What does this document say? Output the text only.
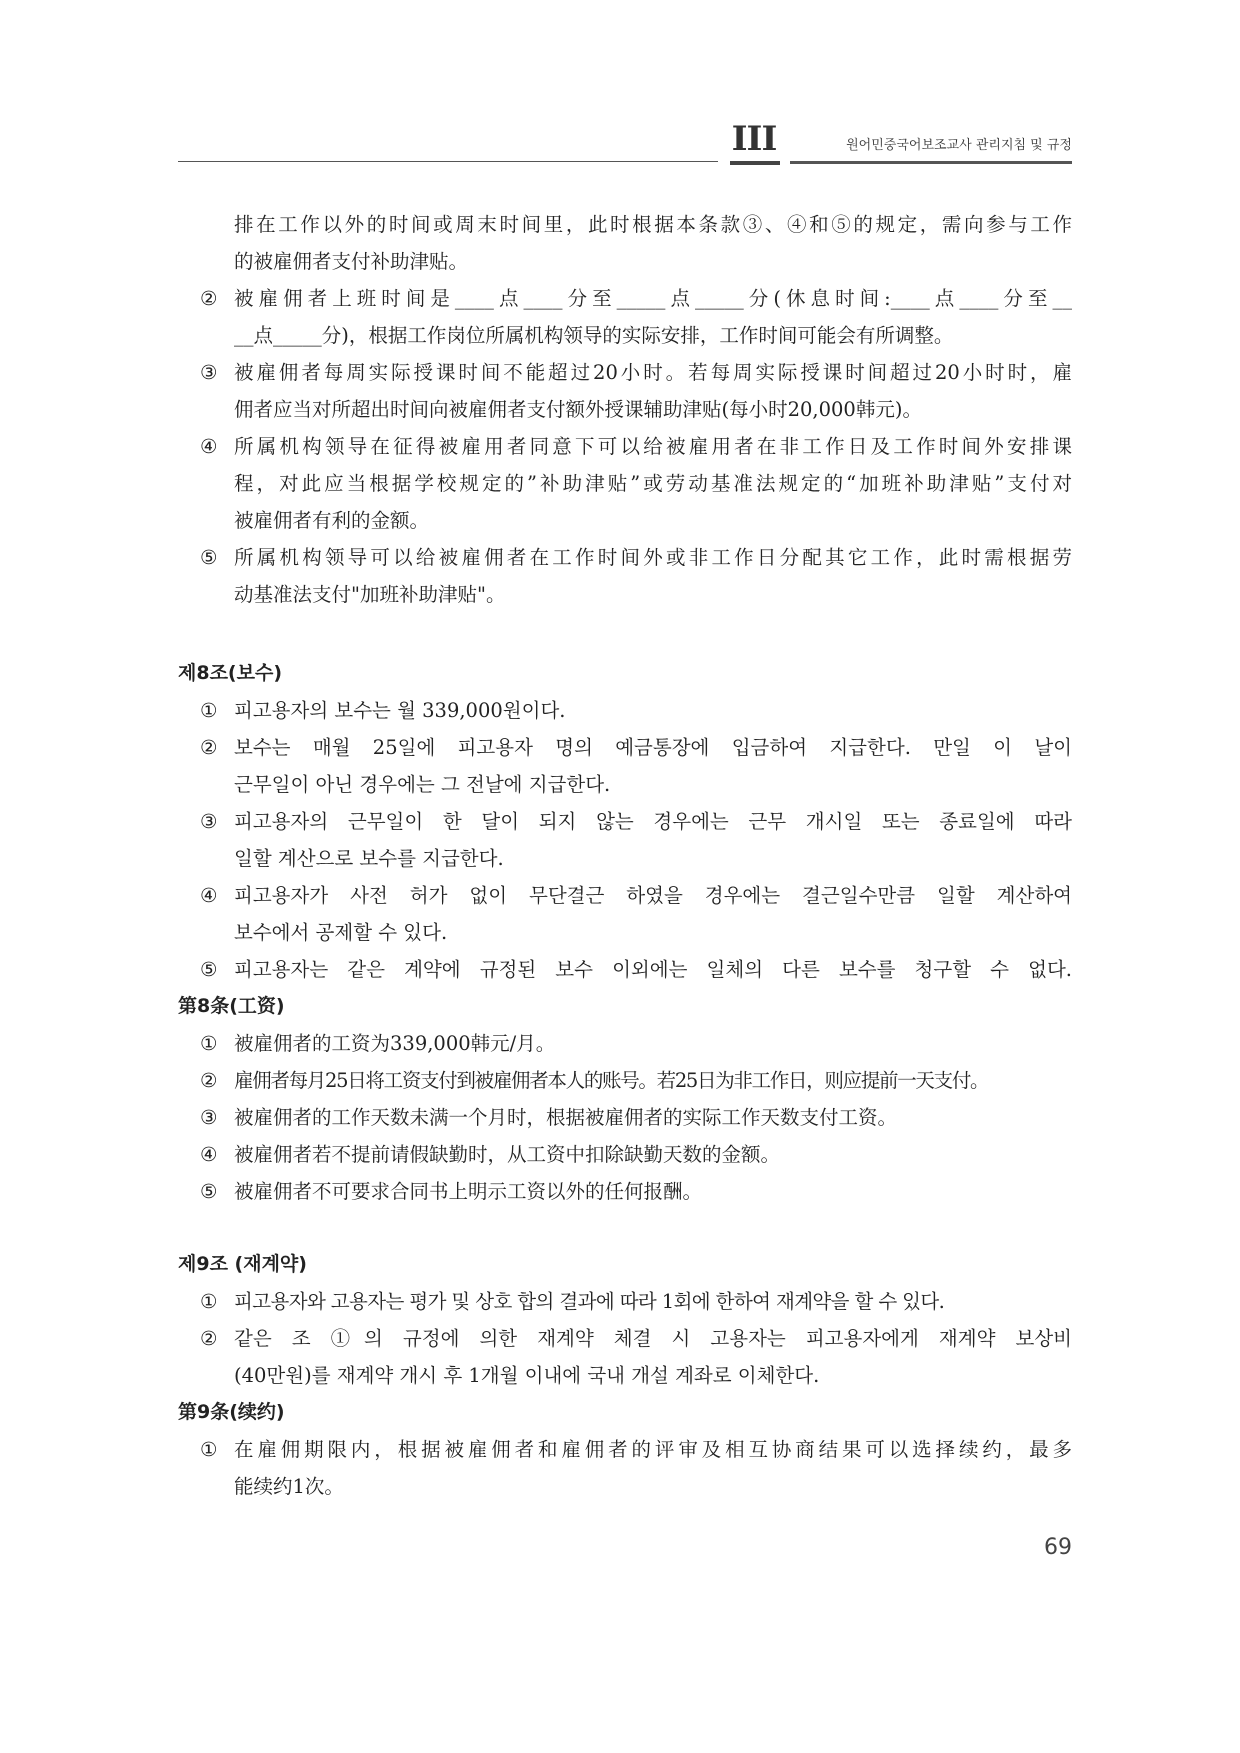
III	원어민중국어보조교사 관리지침 및 규정
排在工作以外的时间或周末时间里，此时根据本条款③、④和⑤的规定，需向参与工作
的被雇佣者支付补助津贴。
② 被雇佣者上班时间是____点____分至_____点_____分(休息时间:____点____分至__
__点_____分)，根据工作岗位所属机构领导的实际安排，工作时间可能会有所调整。
③ 被雇佣者每周实际授课时间不能超过20小时。若每周实际授课时间超过20小时时，雇
佣者应当对所超出时间向被雇佣者支付额外授课辅助津贴(每小时20,000韩元)。
④ 所属机构领导在征得被雇用者同意下可以给被雇用者在非工作日及工作时间外安排课
程，对此应当根据学校规定的”补助津贴”或劳动基准法规定的“加班补助津贴”支付对
被雇佣者有利的金额。
⑤ 所属机构领导可以给被雇佣者在工作时间外或非工作日分配其它工作，此时需根据劳
动基准法支付"加班补助津贴"。
제8조(보수)
① 피고용자의 보수는 월 339,000원이다.
② 보수는 매월 25일에 피고용자 명의 예금통장에 입금하여 지급한다. 만일 이 날이
근무일이 아닌 경우에는 그 전날에 지급한다.
③ 피고용자의 근무일이 한 달이 되지 않는 경우에는 근무 개시일 또는 종료일에 따라
일할 계산으로 보수를 지급한다.
④ 피고용자가 사전 허가 없이 무단결근 하였을 경우에는 결근일수만큼 일할 계산하여
보수에서 공제할 수 있다.
⑤ 피고용자는 같은 계약에 규정된 보수 이외에는 일체의 다른 보수를 청구할 수 없다.
第8条(工资)
① 被雇佣者的工资为339,000韩元/月。
② 雇佣者每月25日将工资支付到被雇佣者本人的账号。若25日为非工作日，则应提前一天支付。
③ 被雇佣者的工作天数未满一个月时，根据被雇佣者的实际工作天数支付工资。
④ 被雇佣者若不提前请假缺勤时，从工资中扣除缺勤天数的金额。
⑤ 被雇佣者不可要求合同书上明示工资以外的任何报酬。
제9조 (재계약)
① 피고용자와 고용자는 평가 및 상호 합의 결과에 따라 1회에 한하여 재계약을 할 수 있다.
② 같은 조 ①의 규정에 의한 재계약 체결 시 고용자는 피고용자에게 재계약 보상비
(40만원)를 재계약 개시 후 1개월 이내에 국내 개설 계좌로 이체한다.
第9条(续约)
① 在雇佣期限内，根据被雇佣者和雇佣者的评审及相互协商结果可以选择续约，最多
能续约1次。
69
